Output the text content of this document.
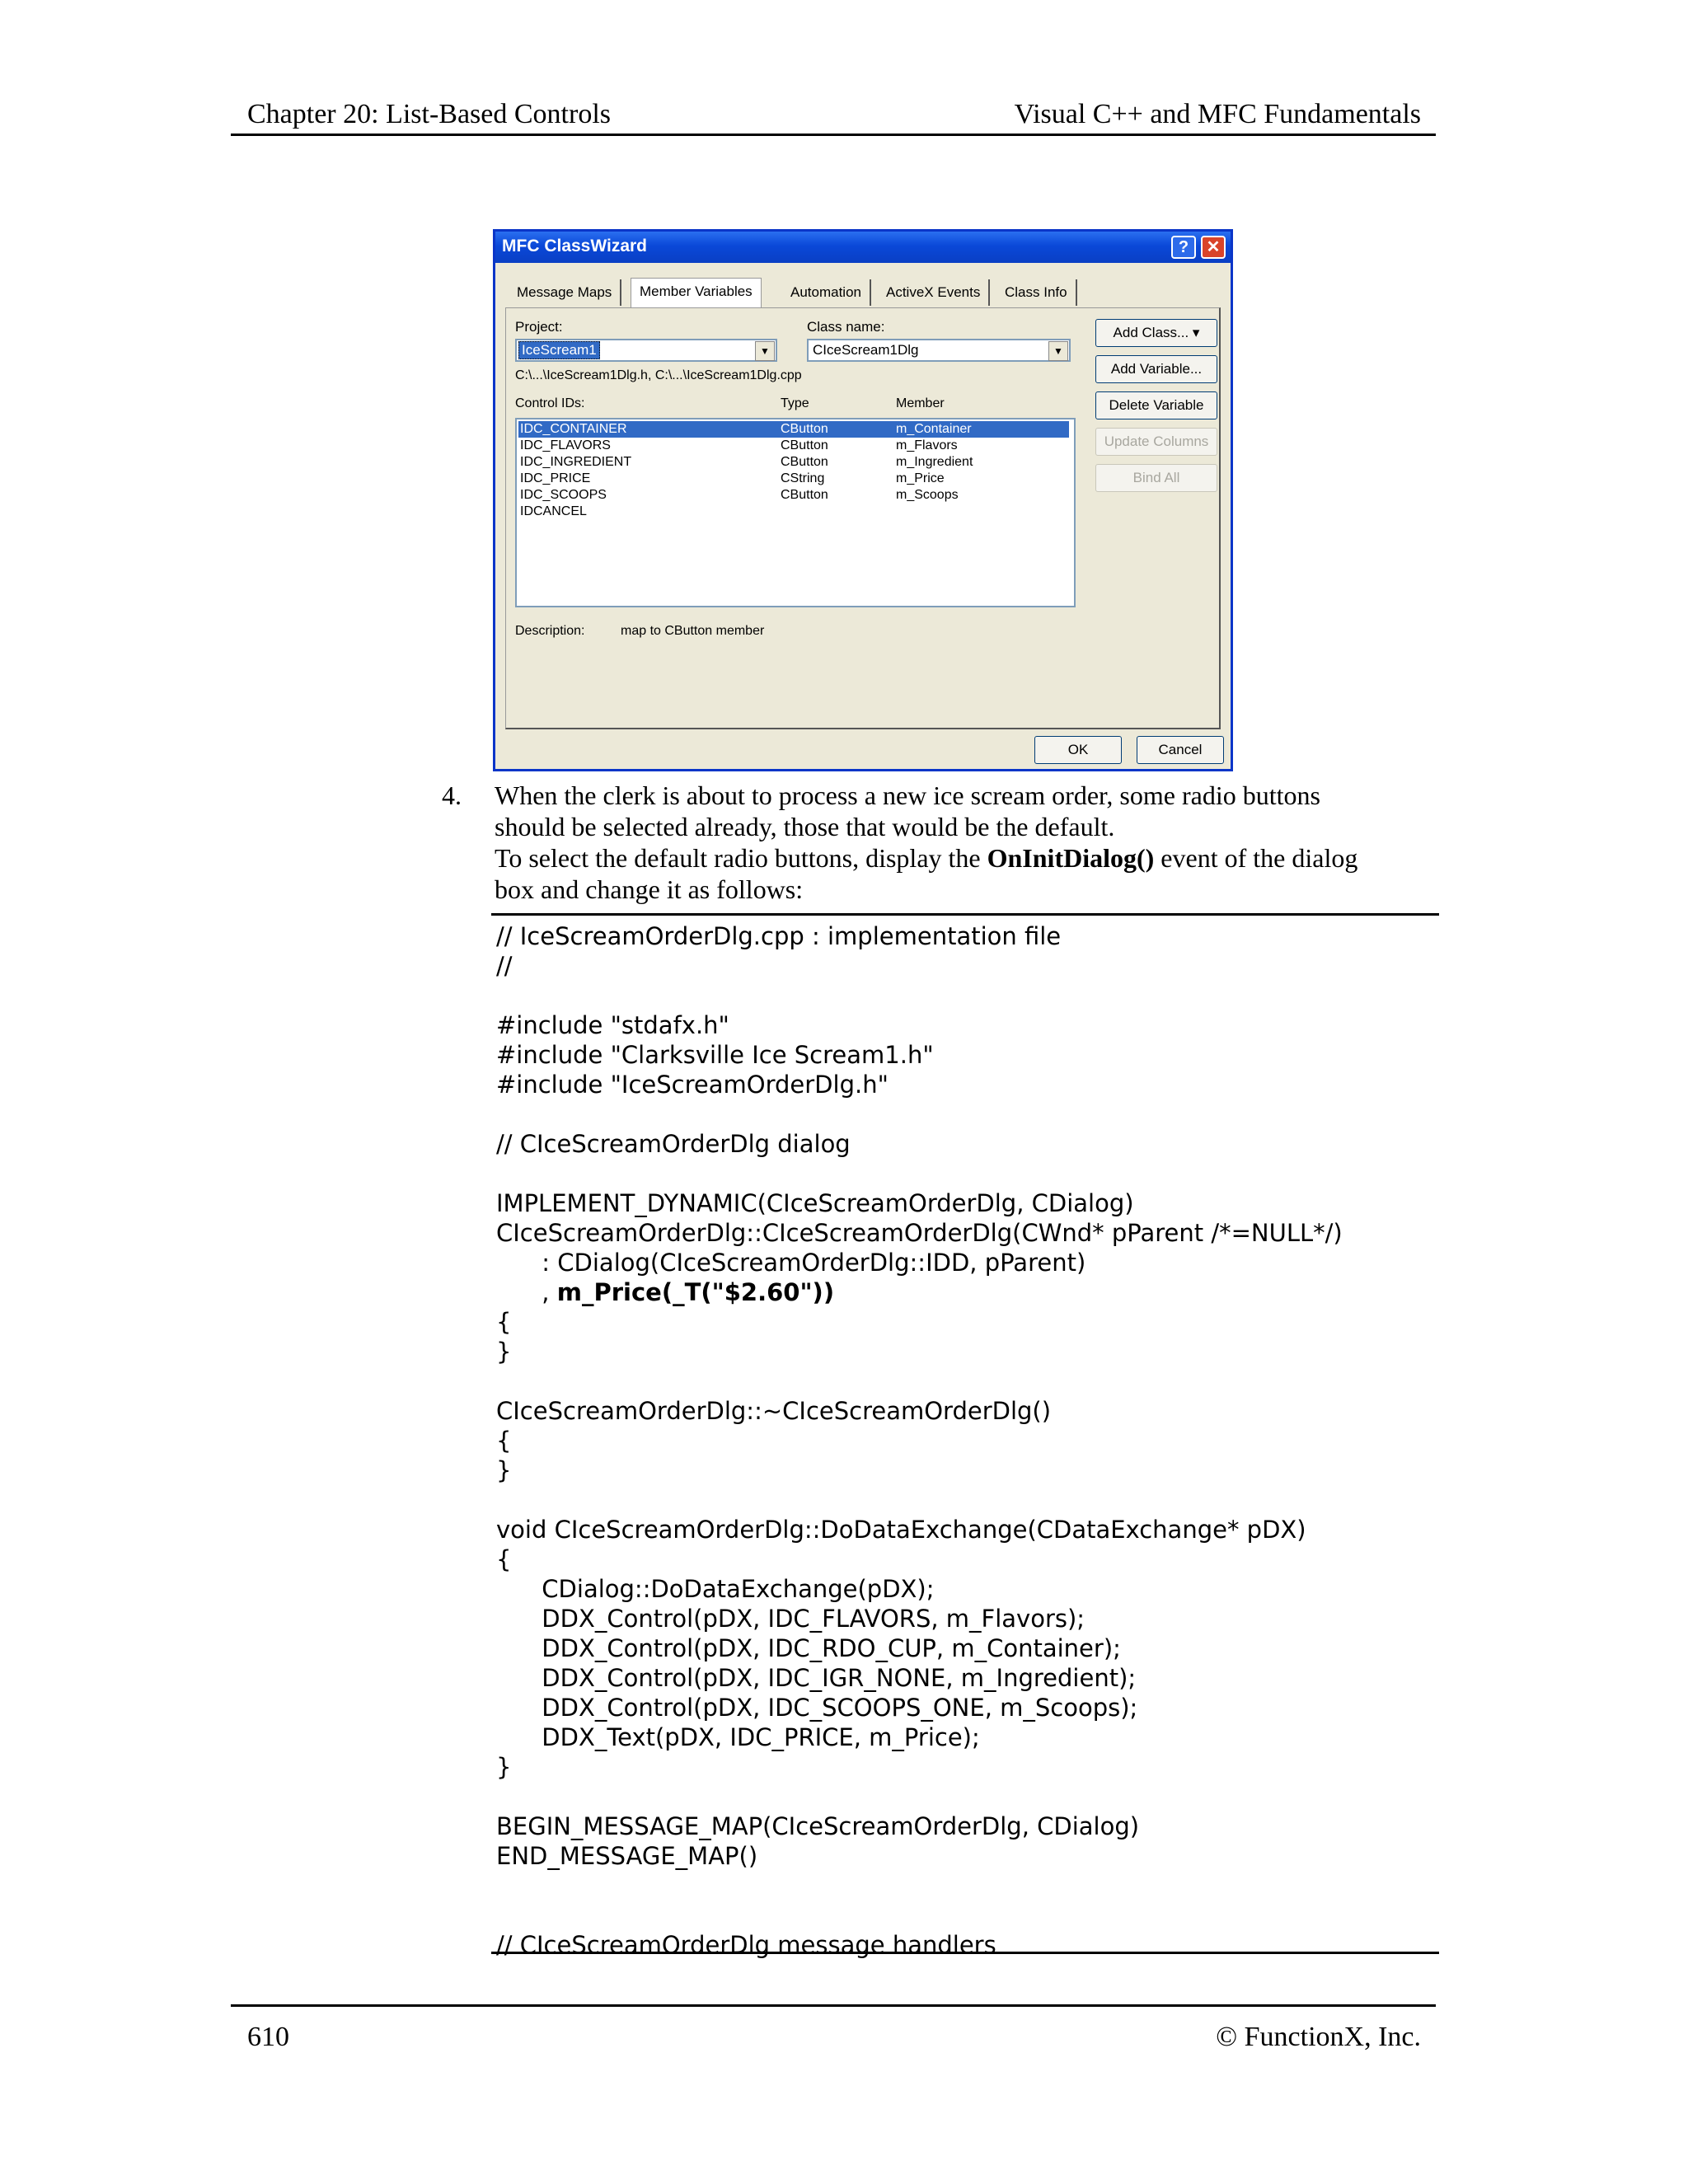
Chapter 20: List-Based Controls	Visual C++ and MFC Fundamentals
MFC ClassWizard	?	✕
Message Maps	Member Variables	Automation	ActiveX Events	Class Info
Project:
IceScream1	▼
Class name:
CIceScream1Dlg	▼
C:\...\IceScream1Dlg.h, C:\...\IceScream1Dlg.cpp
Control IDs:	Type	Member
IDC_CONTAINER	CButton	m_Container
IDC_FLAVORS	CButton	m_Flavors
IDC_INGREDIENT	CButton	m_Ingredient
IDC_PRICE	CString	m_Price
IDC_SCOOPS	CButton	m_Scoops
IDCANCEL
Add Class... ▾
Add Variable...
Delete Variable
Update Columns
Bind All
Description:	map to CButton member
OK	Cancel
4. When the clerk is about to process a new ice scream order, some radio buttons
should be selected already, those that would be the default.
To select the default radio buttons, display the OnInitDialog() event of the dialog
box and change it as follows:
// IceScreamOrderDlg.cpp : implementation file
//

#include "stdafx.h"
#include "Clarksville Ice Scream1.h"
#include "IceScreamOrderDlg.h"

// CIceScreamOrderDlg dialog

IMPLEMENT_DYNAMIC(CIceScreamOrderDlg, CDialog)
CIceScreamOrderDlg::CIceScreamOrderDlg(CWnd* pParent /*=NULL*/)
: CDialog(CIceScreamOrderDlg::IDD, pParent)
, m_Price(_T("$2.60"))
{
}

CIceScreamOrderDlg::~CIceScreamOrderDlg()
{
}

void CIceScreamOrderDlg::DoDataExchange(CDataExchange* pDX)
{
CDialog::DoDataExchange(pDX);
DDX_Control(pDX, IDC_FLAVORS, m_Flavors);
DDX_Control(pDX, IDC_RDO_CUP, m_Container);
DDX_Control(pDX, IDC_IGR_NONE, m_Ingredient);
DDX_Control(pDX, IDC_SCOOPS_ONE, m_Scoops);
DDX_Text(pDX, IDC_PRICE, m_Price);
}

BEGIN_MESSAGE_MAP(CIceScreamOrderDlg, CDialog)
END_MESSAGE_MAP()

// CIceScreamOrderDlg message handlers
610	© FunctionX, Inc.
